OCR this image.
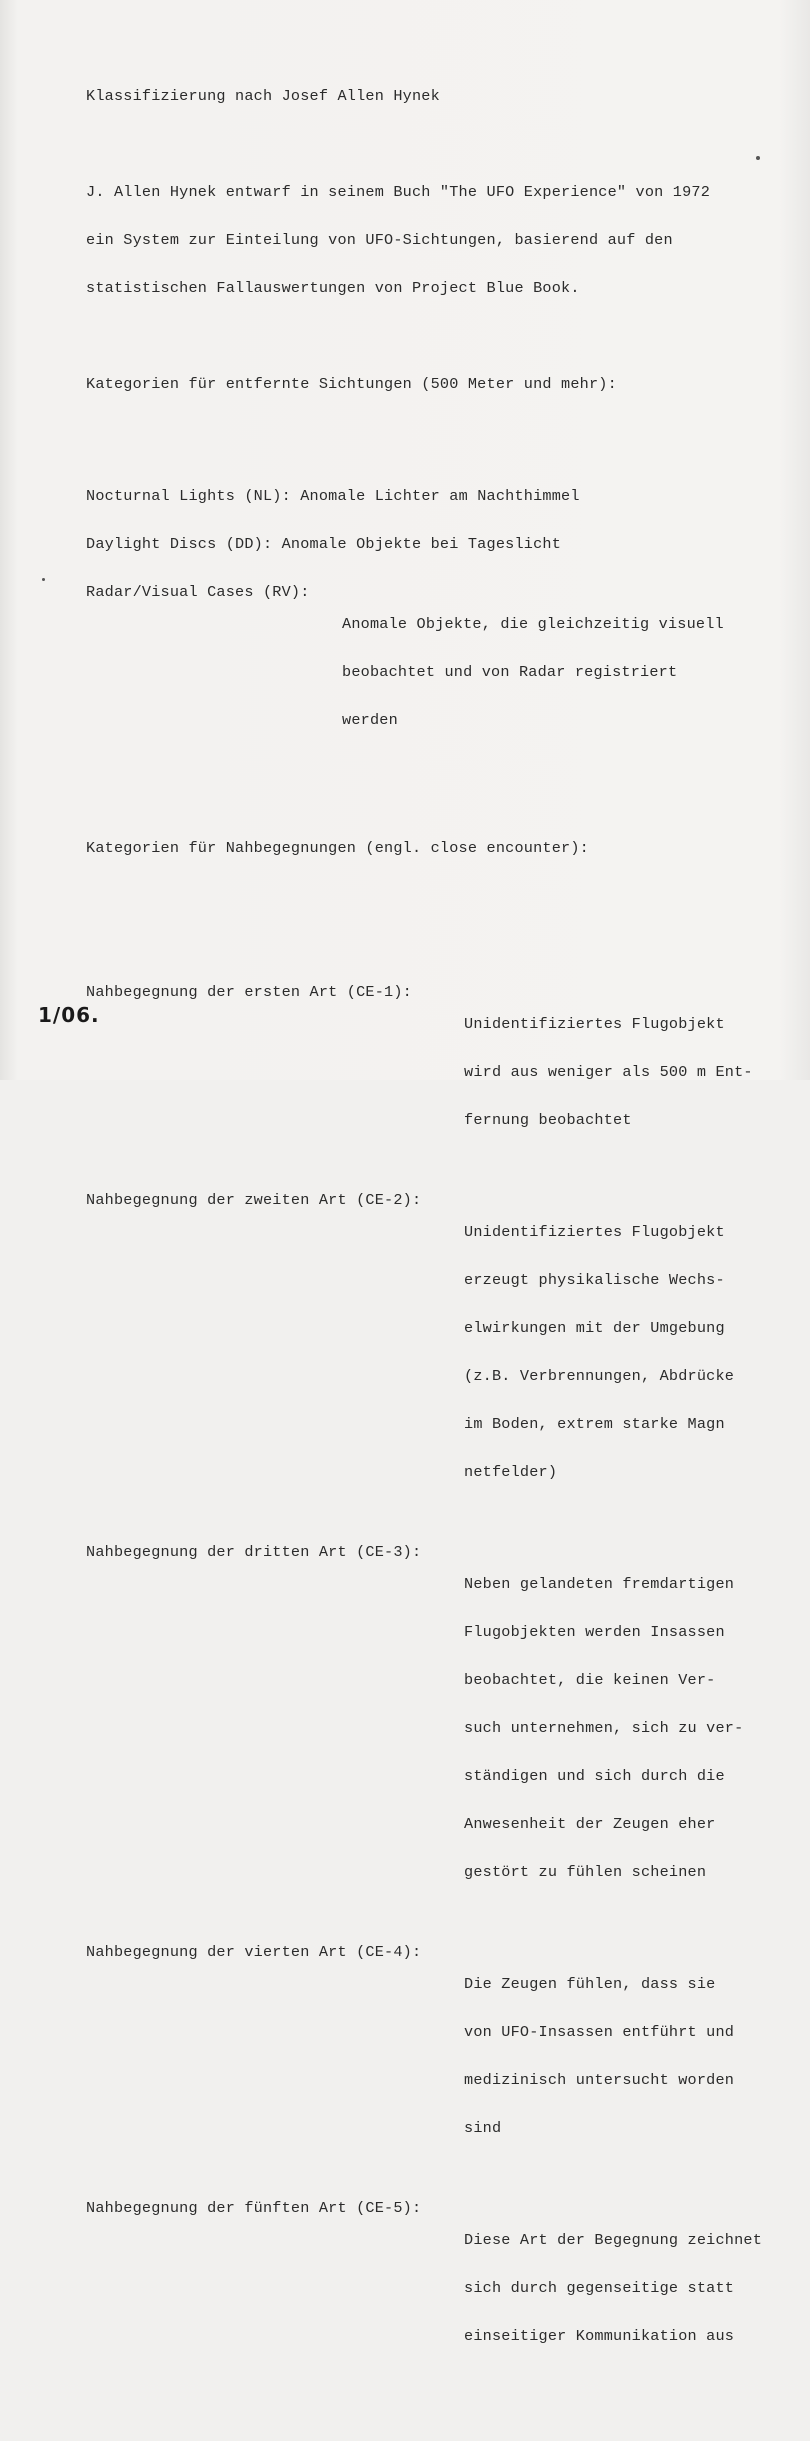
Klassifizierung nach Josef Allen Hynek

J. Allen Hynek entwarf in seinem Buch "The UFO Experience" von 1972

ein System zur Einteilung von UFO-Sichtungen, basierend auf den

statistischen Fallauswertungen von Project Blue Book.

Kategorien für entfernte Sichtungen (500 Meter und mehr):

Nocturnal Lights (NL): Anomale Lichter am Nachthimmel

Daylight Discs (DD): Anomale Objekte bei Tageslicht

Radar/Visual Cases (RV):

Anomale Objekte, die gleichzeitig visuell

beobachtet und von Radar registriert

werden

Kategorien für Nahbegegnungen (engl. close encounter):

Nahbegegnung der ersten Art (CE-1):

Unidentifiziertes Flugobjekt

wird aus weniger als 500 m Ent-

fernung beobachtet

Nahbegegnung der zweiten Art (CE-2):

Unidentifiziertes Flugobjekt

erzeugt physikalische Wechs-

elwirkungen mit der Umgebung

(z.B. Verbrennungen, Abdrücke

im Boden, extrem starke Magn

netfelder)

Nahbegegnung der dritten Art (CE-3):

Neben gelandeten fremdartigen

Flugobjekten werden Insassen

beobachtet, die keinen Ver-

such unternehmen, sich zu ver-

ständigen und sich durch die

Anwesenheit der Zeugen eher

gestört zu fühlen scheinen

Nahbegegnung der vierten Art (CE-4):

Die Zeugen fühlen, dass sie

von UFO-Insassen entführt und

medizinisch untersucht worden

sind

Nahbegegnung der fünften Art (CE-5):

Diese Art der Begegnung zeichnet

sich durch gegenseitige statt

einseitiger Kommunikation aus

1/06.
